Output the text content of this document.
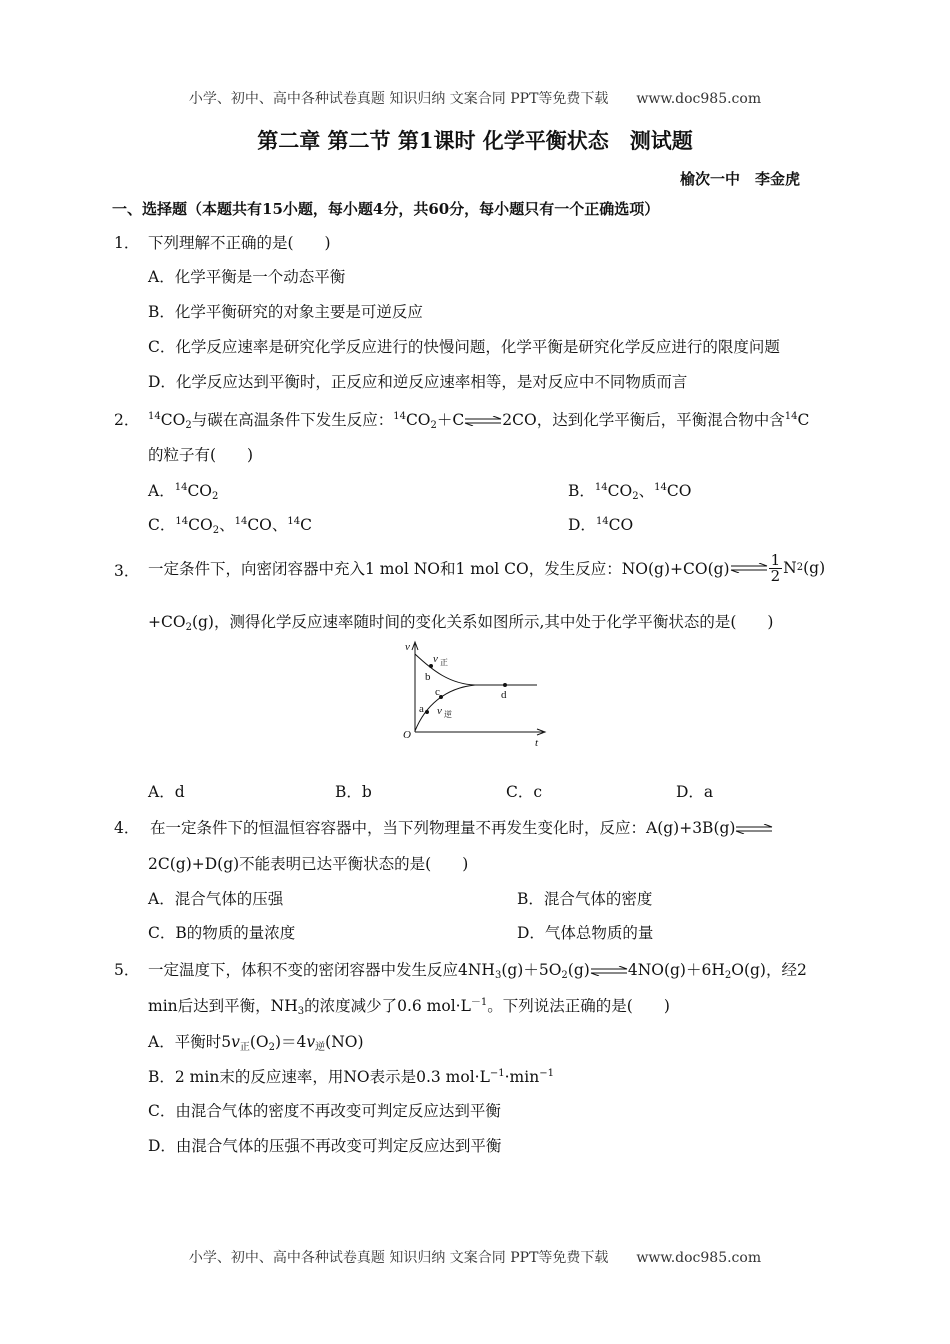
小学、初中、高中各种试卷真题 知识归纳 文案合同 PPT等免费下载　　www.doc985.com
第二章 第二节 第1课时 化学平衡状态　测试题
榆次一中　李金虎
一、选择题（本题共有15小题，每小题4分，共60分，每小题只有一个正确选项）
1． 下列理解不正确的是(　　)
A．化学平衡是一个动态平衡
B．化学平衡研究的对象主要是可逆反应
C．化学反应速率是研究化学反应进行的快慢问题，化学平衡是研究化学反应进行的限度问题
D．化学反应达到平衡时，正反应和逆反应速率相等，是对反应中不同物质而言
2． $^{14}CO_2$与碳在高温条件下发生反应：$^{14}CO_2+C$ 2CO，达到化学平衡后，平衡混合物中含$^{14}$C
的粒子有(　　)
A．$^{14}CO_2$	B．$^{14}CO_2$、$^{14}$CO
C．$^{14}CO_2$、$^{14}$CO、$^{14}$C	D．$^{14}$CO
3． 一定条件下，向密闭容器中充入1 mol NO和1 mol CO，发生反应：NO(g)+CO(g)	$\frac{1}{2}$ N 2 (g)
$+CO_2(g)$，测得化学反应速率随时间的变化关系如图所示,其中处于化学平衡状态的是(　　)
v
t
O
b
c
a
d
v 正
v 逆
A．d	B．b	C．c	D．a
4． 在一定条件下的恒温恒容容器中，当下列物理量不再发生变化时，反应：A(g)+3B(g)
2C(g)+D(g)不能表明已达平衡状态的是(　　)
A．混合气体的压强	B．混合气体的密度
C．B的物质的量浓度	D．气体总物质的量
5． 一定温度下，体积不变的密闭容器中发生反应$4NH_3(g)+5O_2(g)$ $4NO(g)+6H_2O(g)$，经2
min后达到平衡，$NH_3$的浓度减少了0.6 $mol\cdot L^{-1}$。下列说法正确的是(　　)
A．平衡时$5v_正(O_2)=4v_逆(NO)$
B．2 min末的反应速率，用NO表示是0.3 $mol\cdot L^{-1}\cdot\min^{-1}$
C．由混合气体的密度不再改变可判定反应达到平衡
D．由混合气体的压强不再改变可判定反应达到平衡
小学、初中、高中各种试卷真题 知识归纳 文案合同 PPT等免费下载　　www.doc985.com
